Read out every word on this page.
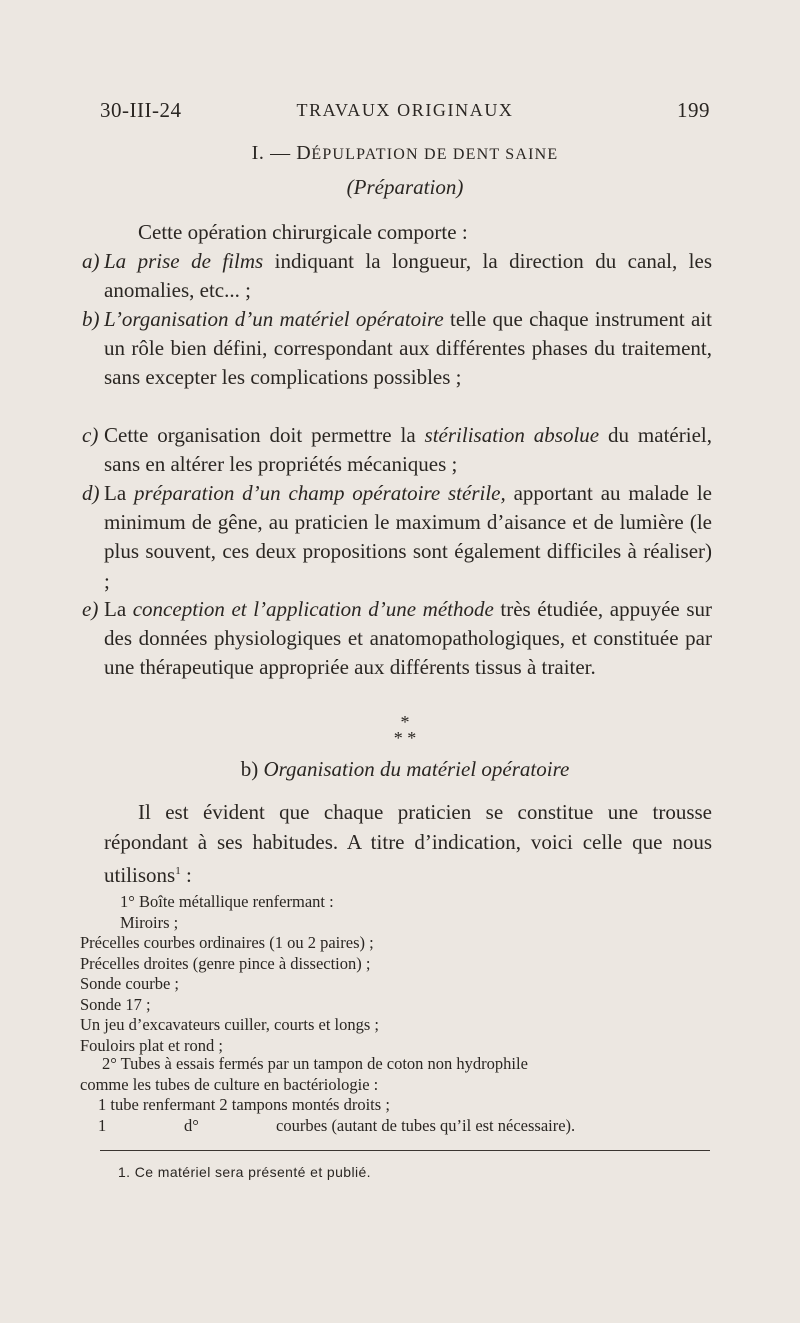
30-III-24	TRAVAUX ORIGINAUX	199
I. — DÉPULPATION DE DENT SAINE
(Préparation)
Cette opération chirurgicale comporte :
a) La prise de films indiquant la longueur, la direction du canal, les anomalies, etc... ;
b) L’organisation d’un matériel opératoire telle que chaque instrument ait un rôle bien défini, correspondant aux différentes phases du traitement, sans excepter les complications possibles ;
c) Cette organisation doit permettre la stérilisation absolue du matériel, sans en altérer les propriétés mécaniques ;
d) La préparation d’un champ opératoire stérile, apportant au malade le minimum de gêne, au praticien le maximum d’aisance et de lumière (le plus souvent, ces deux propositions sont également difficiles à réaliser) ;
e) La conception et l’application d’une méthode très étudiée, appuyée sur des données physiologiques et anatomopathologiques, et constituée par une thérapeutique appropriée aux différents tissus à traiter.
*
* *
b) Organisation du matériel opératoire
Il est évident que chaque praticien se constitue une trousse répondant à ses habitudes. A titre d’indication, voici celle que nous utilisons$^1$ :
1° Boîte métallique renfermant :
Miroirs ;
Précelles courbes ordinaires (1 ou 2 paires) ;
Précelles droites (genre pince à dissection) ;
Sonde courbe ;
Sonde 17 ;
Un jeu d’excavateurs cuiller, courts et longs ;
Fouloirs plat et rond ;
2° Tubes à essais fermés par un tampon de coton non hydrophile
comme les tubes de culture en bactériologie :
1 tube renfermant 2 tampons montés droits ;
1	d°	courbes (autant de tubes qu’il est nécessaire).
1. Ce matériel sera présenté et publié.
